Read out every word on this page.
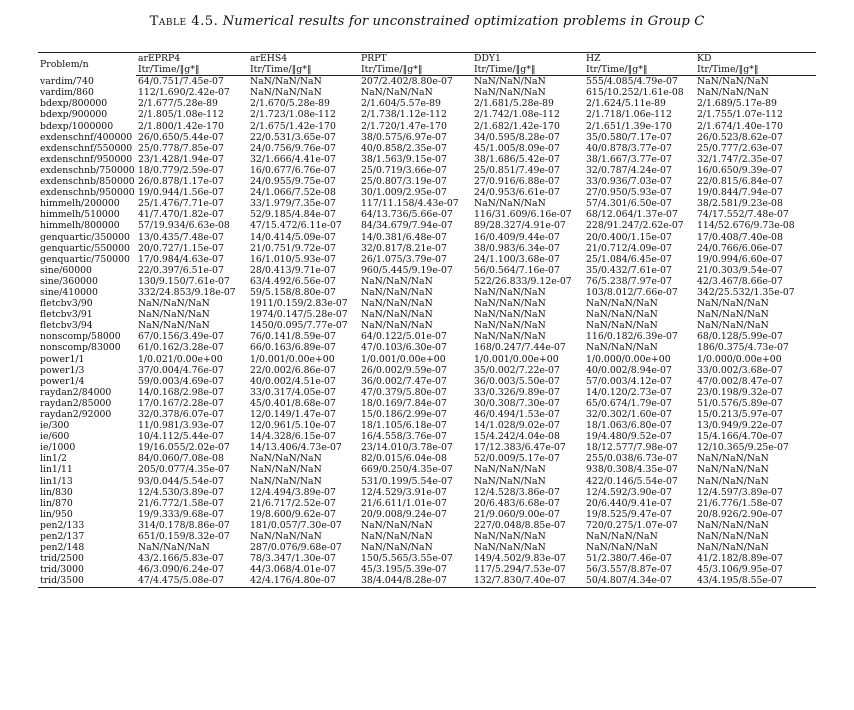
Table 4.5. Numerical results for unconstrained optimization problems in Group C
Problem/n	arEPRP4	arEHS4	PRPT	DDY1	HZ	KD
	Itr/Time/‖g*‖	Itr/Time/‖g*‖	Itr/Time/‖g*‖	Itr/Time/‖g*‖	Itr/Time/‖g*‖	Itr/Time/‖g*‖
vardim/740	64/0.751/7.45e-07	NaN/NaN/NaN	207/2.402/8.80e-07	NaN/NaN/NaN	555/4.085/4.79e-07	NaN/NaN/NaN
vardim/860	112/1.690/2.42e-07	NaN/NaN/NaN	NaN/NaN/NaN	NaN/NaN/NaN	615/10.252/1.61e-08	NaN/NaN/NaN
bdexp/800000	2/1.677/5.28e-89	2/1.670/5.28e-89	2/1.604/5.57e-89	2/1.681/5.28e-89	2/1.624/5.11e-89	2/1.689/5.17e-89
bdexp/900000	2/1.805/1.08e-112	2/1.723/1.08e-112	2/1.738/1.12e-112	2/1.742/1.08e-112	2/1.718/1.06e-112	2/1.755/1.07e-112
bdexp/1000000	2/1.800/1.42e-170	2/1.675/1.42e-170	2/1.720/1.47e-170	2/1.682/1.42e-170	2/1.651/1.39e-170	2/1.674/1.40e-170
exdenschnf/400000	26/0.650/5.44e-07	22/0.531/3.65e-07	38/0.575/6.97e-07	34/0.595/8.28e-07	35/0.580/7.17e-07	26/0.523/8.62e-07
exdenschnf/550000	25/0.778/7.85e-07	24/0.756/9.76e-07	40/0.858/2.35e-07	45/1.005/8.09e-07	40/0.878/3.77e-07	25/0.777/2.63e-07
exdenschnf/950000	23/1.428/1.94e-07	32/1.666/4.41e-07	38/1.563/9.15e-07	38/1.686/5.42e-07	38/1.667/3.77e-07	32/1.747/2.35e-07
exdenschnb/750000	18/0.779/2.59e-07	16/0.677/6.76e-07	25/0.719/3.66e-07	25/0.851/7.49e-07	32/0.787/4.24e-07	16/0.650/9.39e-07
exdenschnb/850000	26/0.878/1.17e-07	24/0.955/9.75e-07	25/0.807/3.19e-07	27/0.916/6.88e-07	33/0.936/7.03e-07	22/0.815/6.84e-07
exdenschnb/950000	19/0.944/1.56e-07	24/1.066/7.52e-08	30/1.009/2.95e-07	24/0.953/6.61e-07	27/0.950/5.93e-07	19/0.844/7.94e-07
himmelh/200000	25/1.476/7.71e-07	33/1.979/7.35e-07	117/11.158/4.43e-07	NaN/NaN/NaN	57/4.301/6.50e-07	38/2.581/9.23e-08
himmelh/510000	41/7.470/1.82e-07	52/9.185/4.84e-07	64/13.736/5.66e-07	116/31.609/6.16e-07	68/12.064/1.37e-07	74/17.552/7.48e-07
himmelh/800000	57/19.934/6.63e-08	47/15.472/6.11e-07	84/34.679/7.94e-07	89/28.327/4.91e-07	228/91.247/2.62e-07	114/52.676/9.73e-08
genquartic/350000	13/0.435/7.48e-07	14/0.414/5.09e-07	14/0.381/6.48e-07	16/0.409/9.44e-07	20/0.400/1.15e-07	17/0.408/7.40e-08
genquartic/550000	20/0.727/1.15e-07	21/0.751/9.72e-07	32/0.817/8.21e-07	38/0.983/6.34e-07	21/0.712/4.09e-07	24/0.766/6.06e-07
genquartic/750000	17/0.984/4.63e-07	16/1.010/5.93e-07	26/1.075/3.79e-07	24/1.100/3.68e-07	25/1.084/6.45e-07	19/0.994/6.60e-07
sine/60000	22/0.397/6.51e-07	28/0.413/9.71e-07	960/5.445/9.19e-07	56/0.564/7.16e-07	35/0.432/7.61e-07	21/0.303/9.54e-07
sine/360000	130/9.150/7.61e-07	63/4.492/6.56e-07	NaN/NaN/NaN	522/26.833/9.12e-07	76/5.238/7.97e-07	42/3.467/8.66e-07
sine/410000	332/24.853/9.18e-07	59/5.158/8.80e-07	NaN/NaN/NaN	NaN/NaN/NaN	103/8.012/7.66e-07	342/25.532/1.35e-07
fletcbv3/90	NaN/NaN/NaN	1911/0.159/2.83e-07	NaN/NaN/NaN	NaN/NaN/NaN	NaN/NaN/NaN	NaN/NaN/NaN
fletcbv3/91	NaN/NaN/NaN	1974/0.147/5.28e-07	NaN/NaN/NaN	NaN/NaN/NaN	NaN/NaN/NaN	NaN/NaN/NaN
fletcbv3/94	NaN/NaN/NaN	1450/0.095/7.77e-07	NaN/NaN/NaN	NaN/NaN/NaN	NaN/NaN/NaN	NaN/NaN/NaN
nonscomp/58000	67/0.156/3.49e-07	76/0.141/8.59e-07	64/0.122/5.01e-07	NaN/NaN/NaN	116/0.182/6.39e-07	68/0.128/5.99e-07
nonscomp/83000	61/0.162/3.28e-07	66/0.163/6.89e-07	47/0.103/6.30e-07	168/0.247/7.44e-07	NaN/NaN/NaN	186/0.375/4.73e-07
power1/1	1/0.021/0.00e+00	1/0.001/0.00e+00	1/0.001/0.00e+00	1/0.001/0.00e+00	1/0.000/0.00e+00	1/0.000/0.00e+00
power1/3	37/0.004/4.76e-07	22/0.002/6.86e-07	26/0.002/9.59e-07	35/0.002/7.22e-07	40/0.002/8.94e-07	33/0.002/3.68e-07
power1/4	59/0.003/4.69e-07	40/0.002/4.51e-07	36/0.002/7.47e-07	36/0.003/5.50e-07	57/0.003/4.12e-07	47/0.002/8.47e-07
raydan2/84000	14/0.168/2.98e-07	33/0.317/4.05e-07	47/0.379/5.80e-07	33/0.326/9.89e-07	14/0.120/2.73e-07	23/0.198/9.32e-07
raydan2/85000	17/0.167/2.28e-07	45/0.401/8.68e-07	18/0.169/7.84e-07	30/0.308/7.30e-07	65/0.674/1.79e-07	51/0.576/5.89e-07
raydan2/92000	32/0.378/6.07e-07	12/0.149/1.47e-07	15/0.186/2.99e-07	46/0.494/1.53e-07	32/0.302/1.60e-07	15/0.213/5.97e-07
ie/300	11/0.981/3.93e-07	12/0.961/5.10e-07	18/1.105/6.18e-07	14/1.028/9.02e-07	18/1.063/6.80e-07	13/0.949/9.22e-07
ie/600	10/4.112/5.44e-07	14/4.328/6.15e-07	16/4.558/3.76e-07	15/4.242/4.04e-08	19/4.480/9.52e-07	15/4.166/4.70e-07
ie/1000	19/16.055/2.02e-07	14/13.406/4.73e-07	23/14.010/3.78e-07	17/12.383/6.47e-07	18/12.577/7.98e-07	12/10.365/9.25e-07
lin1/2	84/0.060/7.08e-08	NaN/NaN/NaN	82/0.015/6.04e-08	52/0.009/5.17e-07	255/0.038/6.73e-07	NaN/NaN/NaN
lin1/11	205/0.077/4.35e-07	NaN/NaN/NaN	669/0.250/4.35e-07	NaN/NaN/NaN	938/0.308/4.35e-07	NaN/NaN/NaN
lin1/13	93/0.044/5.54e-07	NaN/NaN/NaN	531/0.199/5.54e-07	NaN/NaN/NaN	422/0.146/5.54e-07	NaN/NaN/NaN
lin/830	12/4.530/3.89e-07	12/4.494/3.89e-07	12/4.529/3.91e-07	12/4.528/3.86e-07	12/4.592/3.90e-07	12/4.597/3.89e-07
lin/870	21/6.772/1.58e-07	21/6.717/2.52e-07	21/6.611/1.01e-07	20/6.483/6.68e-07	20/6.440/9.41e-07	21/6.776/1.58e-07
lin/950	19/9.333/9.68e-07	19/8.600/9.62e-07	20/9.008/9.24e-07	21/9.060/9.00e-07	19/8.525/9.47e-07	20/8.926/2.90e-07
pen2/133	314/0.178/8.86e-07	181/0.057/7.30e-07	NaN/NaN/NaN	227/0.048/8.85e-07	720/0.275/1.07e-07	NaN/NaN/NaN
pen2/137	651/0.159/8.32e-07	NaN/NaN/NaN	NaN/NaN/NaN	NaN/NaN/NaN	NaN/NaN/NaN	NaN/NaN/NaN
pen2/148	NaN/NaN/NaN	287/0.076/9.68e-07	NaN/NaN/NaN	NaN/NaN/NaN	NaN/NaN/NaN	NaN/NaN/NaN
trid/2500	43/2.166/5.83e-07	78/3.347/1.30e-07	150/5.565/3.55e-07	149/4.502/9.83e-07	51/2.380/7.46e-07	41/2.182/8.89e-07
trid/3000	46/3.090/6.24e-07	44/3.068/4.01e-07	45/3.195/5.39e-07	117/5.294/7.53e-07	56/3.557/8.87e-07	45/3.106/9.95e-07
trid/3500	47/4.475/5.08e-07	42/4.176/4.80e-07	38/4.044/8.28e-07	132/7.830/7.40e-07	50/4.807/4.34e-07	43/4.195/8.55e-07
